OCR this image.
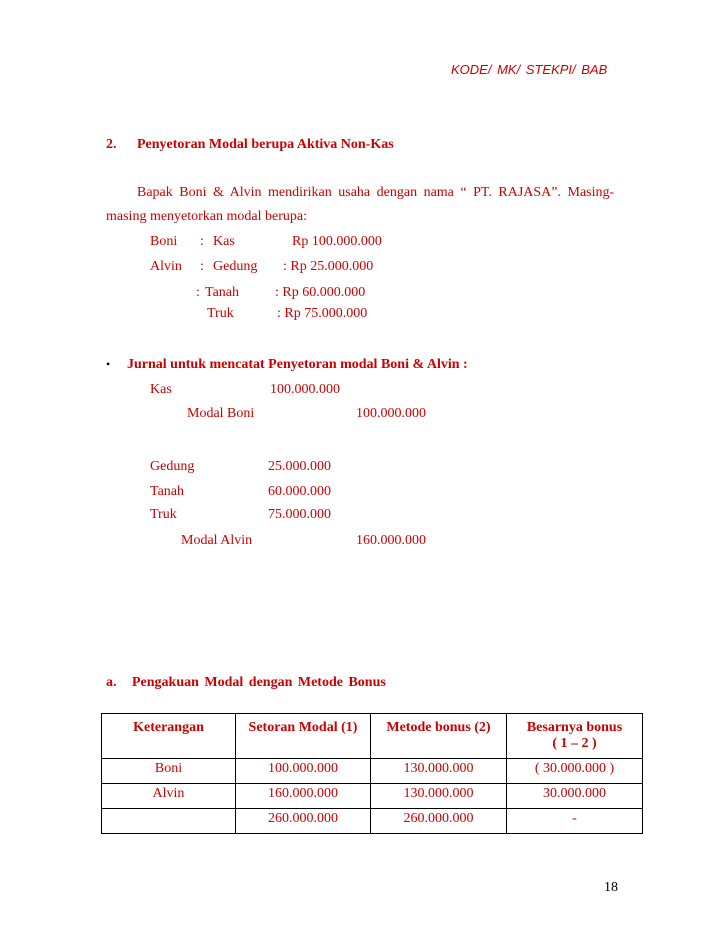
KODE/ MK/ STEKPI/ BAB
2. Penyetoran Modal berupa Aktiva Non-Kas
Bapak Boni & Alvin mendirikan usaha dengan nama “ PT. RAJASA”. Masing-
masing menyetorkan modal berupa:
Boni : Kas	Rp 100.000.000
Alvin : Gedung : Rp 25.000.000
: Tanah	: Rp 60.000.000
Truk	: Rp 75.000.000
• Jurnal untuk mencatat Penyetoran modal Boni & Alvin :
Kas	100.000.000
Modal Boni	100.000.000
Gedung	25.000.000
Tanah	60.000.000
Truk	75.000.000
Modal Alvin	160.000.000
a. Pengakuan Modal dengan Metode Bonus
Keterangan	Setoran Modal (1)	Metode bonus (2)	Besarnya bonus
( 1 – 2 )
Boni	100.000.000	130.000.000	( 30.000.000 )
Alvin	160.000.000	130.000.000	30.000.000
	260.000.000	260.000.000	-
18
